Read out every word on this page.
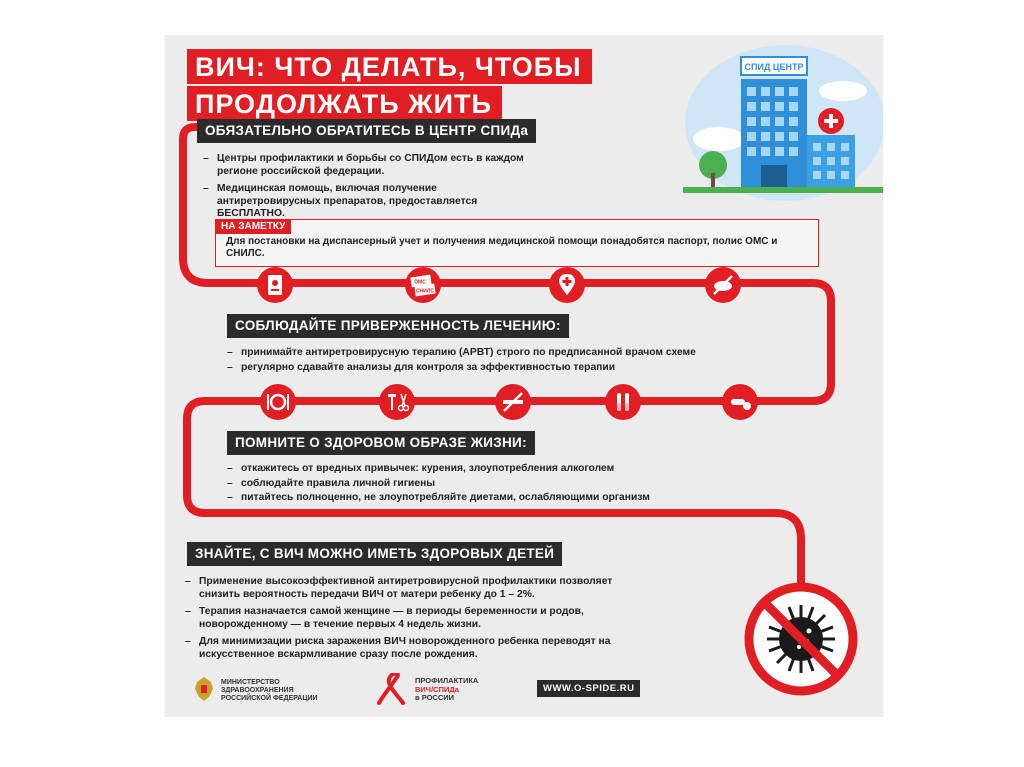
СПИД ЦЕНТР
ВИЧ: ЧТО ДЕЛАТЬ, ЧТОБЫ
ПРОДОЛЖАТЬ ЖИТЬ
ОБЯЗАТЕЛЬНО ОБРАТИТЕСЬ В ЦЕНТР СПИДа
– Центры профилактики и борьбы со СПИДом есть в каждом регионе российской федерации.
– Медицинская помощь, включая получение антиретровирусных препаратов, предоставляется БЕСПЛАТНО.
НА ЗАМЕТКУ
Для постановки на диспансерный учет и получения медицинской помощи понадобятся паспорт, полис ОМС и СНИЛС.
ОМС
СНИЛС
СОБЛЮДАЙТЕ ПРИВЕРЖЕННОСТЬ ЛЕЧЕНИЮ:
– принимайте антиретровирусную терапию (АРВТ) строго по предписанной врачом схеме
– регулярно сдавайте анализы для контроля за эффективностью терапии
ПОМНИТЕ О ЗДОРОВОМ ОБРАЗЕ ЖИЗНИ:
– откажитесь от вредных привычек: курения, злоупотребления алкоголем
– соблюдайте правила личной гигиены
– питайтесь полноценно, не злоупотребляйте диетами, ослабляющими организм
ЗНАЙТЕ, С ВИЧ МОЖНО ИМЕТЬ ЗДОРОВЫХ ДЕТЕЙ
– Применение высокоэффективной антиретровирусной профилактики позволяет снизить вероятность передачи ВИЧ от матери ребенку до 1 – 2%.
– Терапия назначается самой женщине — в периоды беременности и родов, новорожденному — в течение первых 4 недель жизни.
– Для минимизации риска заражения ВИЧ новорожденного ребенка переводят на искусственное вскармливание сразу после рождения.
МИНИСТЕРСТВО
ЗДРАВООХРАНЕНИЯ
РОССИЙСКОЙ ФЕДЕРАЦИИ
ПРОФИЛАКТИКА
ВИЧ/СПИДа
в РОССИИ
WWW.O-SPIDE.RU
